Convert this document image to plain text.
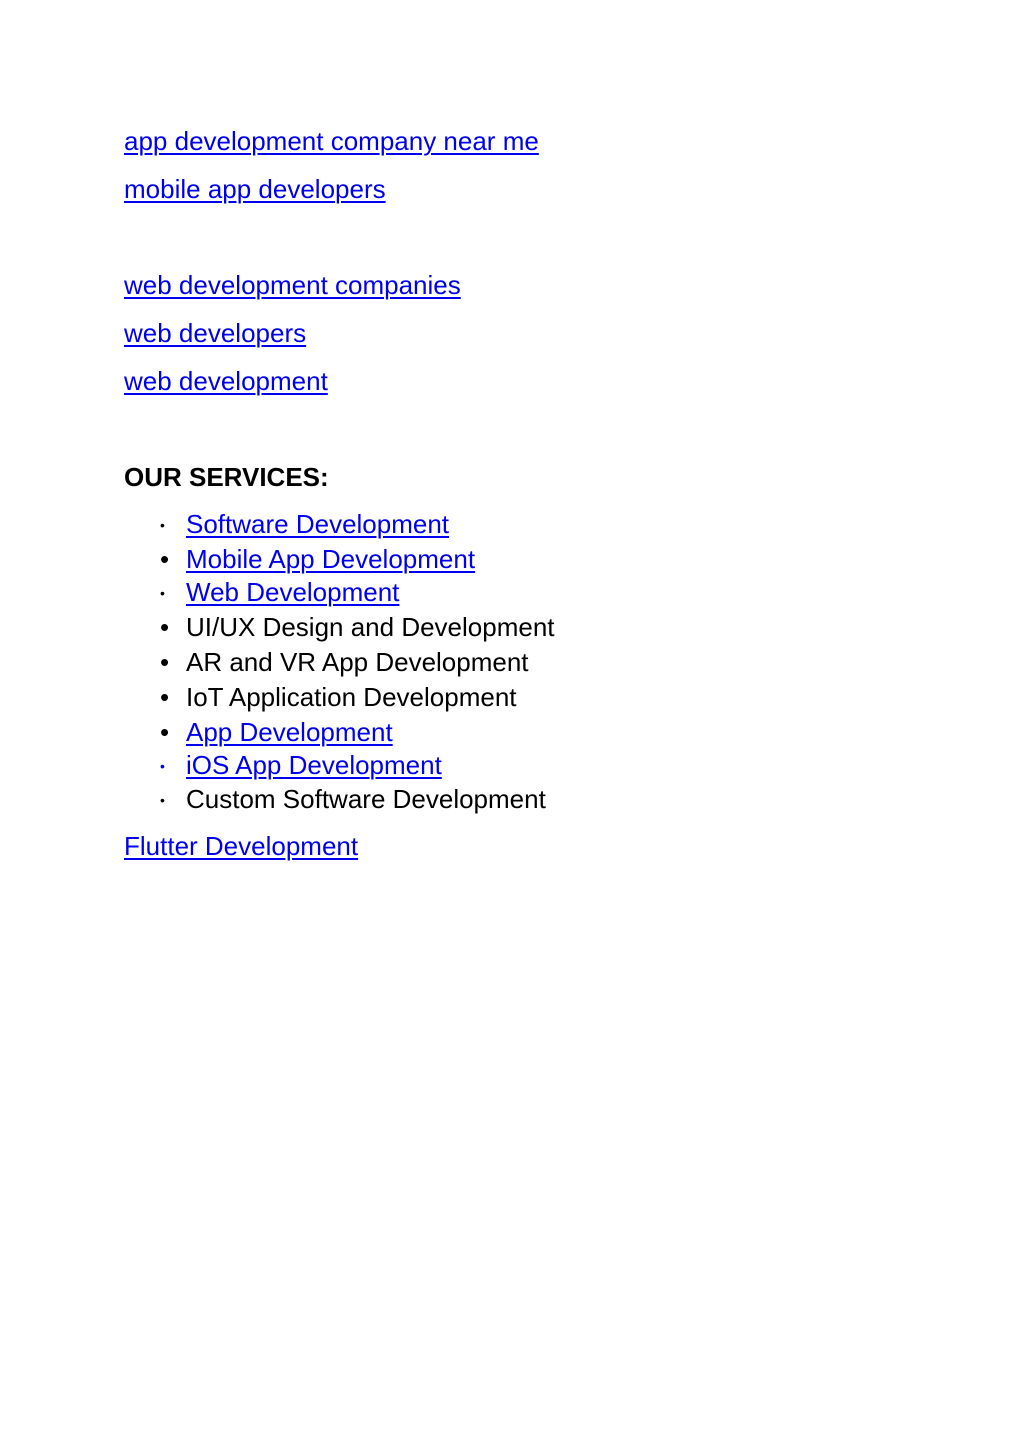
app development company near me
mobile app developers
web development companies
web developers
web development
OUR SERVICES:
• Software Development
• Mobile App Development
• Web Development
• UI/UX Design and Development
• AR and VR App Development
• IoT Application Development
• App Development
• iOS App Development
• Custom Software Development
Flutter Development
